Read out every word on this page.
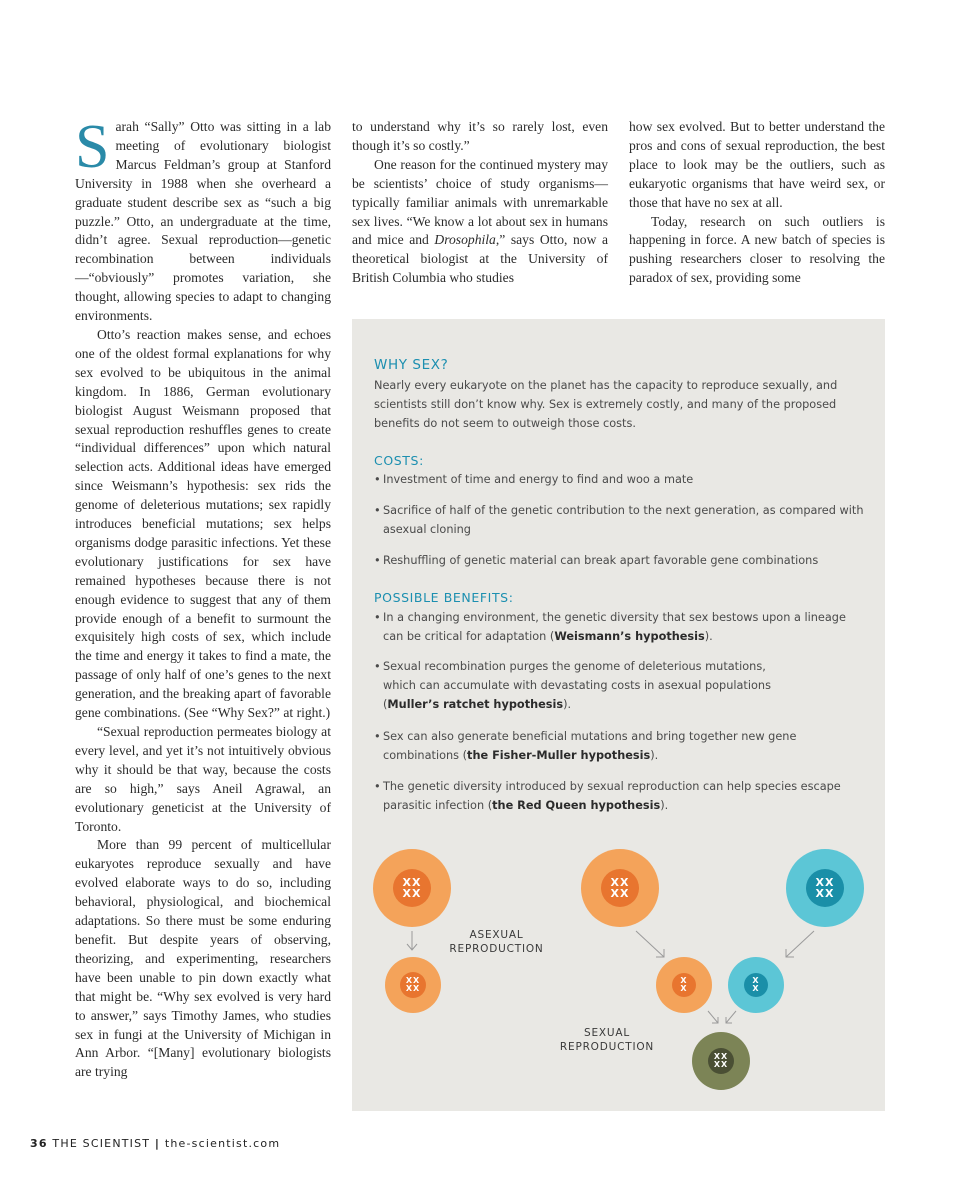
Sarah “Sally” Otto was sitting in a lab meeting of evolutionary biologist Marcus Feldman’s group at Stanford University in 1988 when she overheard a graduate student describe sex as “such a big puzzle.” Otto, an undergraduate at the time, didn’t agree. Sexual reproduction—genetic recombination between individuals—“obviously” promotes variation, she thought, allowing species to adapt to changing environments.

Otto’s reaction makes sense, and echoes one of the oldest formal explanations for why sex evolved to be ubiquitous in the animal kingdom. In 1886, German evolutionary biologist August Weismann proposed that sexual reproduction reshuffles genes to create “individual differences” upon which natural selection acts. Additional ideas have emerged since Weismann’s hypothesis: sex rids the genome of deleterious mutations; sex rapidly introduces beneficial mutations; sex helps organisms dodge parasitic infections. Yet these evolutionary justifications for sex have remained hypotheses because there is not enough evidence to suggest that any of them provide enough of a benefit to surmount the exquisitely high costs of sex, which include the time and energy it takes to find a mate, the passage of only half of one’s genes to the next generation, and the breaking apart of favorable gene combinations. (See “Why Sex?” at right.)

“Sexual reproduction permeates biology at every level, and yet it’s not intuitively obvious why it should be that way, because the costs are so high,” says Aneil Agrawal, an evolutionary geneticist at the University of Toronto.

More than 99 percent of multicellular eukaryotes reproduce sexually and have evolved elaborate ways to do so, including behavioral, physiological, and biochemical adaptations. So there must be some enduring benefit. But despite years of observing, theorizing, and experimenting, researchers have been unable to pin down exactly what that might be. “Why sex evolved is very hard to answer,” says Timothy James, who studies sex in fungi at the University of Michigan in Ann Arbor. “[Many] evolutionary biologists are trying

to understand why it’s so rarely lost, even though it’s so costly.”

One reason for the continued mystery may be scientists’ choice of study organisms—typically familiar animals with unremarkable sex lives. “We know a lot about sex in humans and mice and Drosophila,” says Otto, now a theoretical biologist at the University of British Columbia who studies

how sex evolved. But to better understand the pros and cons of sexual reproduction, the best place to look may be the outliers, such as eukaryotic organisms that have weird sex, or those that have no sex at all.

Today, research on such outliers is happening in force. A new batch of species is pushing researchers closer to resolving the paradox of sex, providing some

WHY SEX?
Nearly every eukaryote on the planet has the capacity to reproduce sexually, and scientists still don’t know why. Sex is extremely costly, and many of the proposed benefits do not seem to outweigh those costs.
COSTS:
• Investment of time and energy to find and woo a mate
• Sacrifice of half of the genetic contribution to the next generation, as compared with asexual cloning
• Reshuffling of genetic material can break apart favorable gene combinations
POSSIBLE BENEFITS:
• In a changing environment, the genetic diversity that sex bestows upon a lineage can be critical for adaptation (Weismann’s hypothesis).
• Sexual recombination purges the genome of deleterious mutations, which can accumulate with devastating costs in asexual populations (Muller’s ratchet hypothesis).
• Sex can also generate beneficial mutations and bring together new gene combinations (the Fisher-Muller hypothesis).
• The genetic diversity introduced by sexual reproduction can help species escape parasitic infection (the Red Queen hypothesis).
XX
XX
XX
XX
ASEXUAL
REPRODUCTION
XX
XX
XX
XX
X
X
X
X
XX
XX
SEXUAL
REPRODUCTION
36 THE SCIENTIST | the-scientist.com
